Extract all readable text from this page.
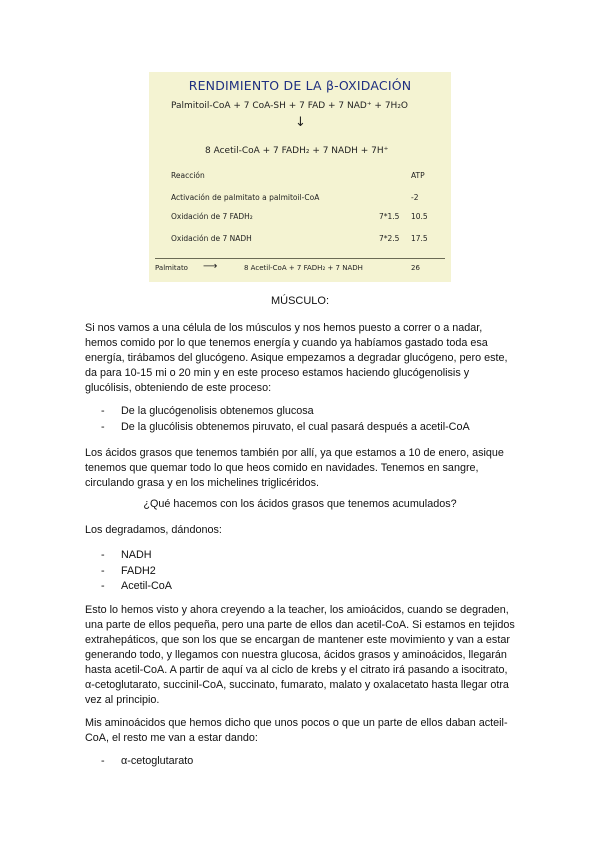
RENDIMIENTO DE LA β-OXIDACIÓN
Palmitoil-CoA + 7 CoA-SH + 7 FAD + 7 NAD⁺ + 7H₂O
↓
8 Acetil-CoA + 7 FADH₂ + 7 NADH + 7H⁺
Reacción	ATP
Activación de palmitato a palmitoil-CoA	-2
Oxidación de 7 FADH₂	7*1.5 10.5
Oxidación de 7 NADH	7*2.5 17.5
Palmitato ⟶	8 Acetil-CoA + 7 FADH₂ + 7 NADH	26
MÚSCULO:

Si nos vamos a una célula de los músculos y nos hemos puesto a correr o a nadar, hemos comido por lo que tenemos energía y cuando ya habíamos gastado toda esa energía, tirábamos del glucógeno. Asique empezamos a degradar glucógeno, pero este, da para 10-15 mi o 20 min y en este proceso estamos haciendo glucógenolisis y glucólisis, obteniendo de este proceso:

- De la glucógenolisis obtenemos glucosa
- De la glucólisis obtenemos piruvato, el cual pasará después a acetil-CoA

Los ácidos grasos que tenemos también por allí, ya que estamos a 10 de enero, asique tenemos que quemar todo lo que heos comido en navidades. Tenemos en sangre, circulando grasa y en los michelines triglicéridos.

¿Qué hacemos con los ácidos grasos que tenemos acumulados?

Los degradamos, dándonos:

- NADH
- FADH2
- Acetil-CoA

Esto lo hemos visto y ahora creyendo a la teacher, los amioácidos, cuando se degraden, una parte de ellos pequeña, pero una parte de ellos dan acetil-CoA. Si estamos en tejidos extrahepáticos, que son los que se encargan de mantener este movimiento y van a estar generando todo, y llegamos con nuestra glucosa, ácidos grasos y aminoácidos, llegarán hasta acetil-CoA. A partir de aquí va al ciclo de krebs y el citrato irá pasando a isocitrato, α-cetoglutarato, succinil-CoA, succinato, fumarato, malato y oxalacetato hasta llegar otra vez al principio.

Mis aminoácidos que hemos dicho que unos pocos o que un parte de ellos daban acteil-CoA, el resto me van a estar dando:

- α-cetoglutarato
